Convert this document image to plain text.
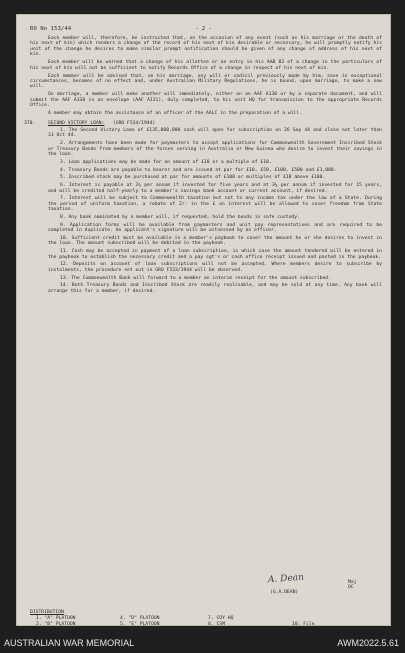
RO No 153/44	- 2 -

Each member will, therefore, be instructed that, on the occasion of any event (such as his marriage or the death of his next of kin) which renders a change of the record of his next of kin desirable or necessary, he will promptly notify his unit of the change he desires to make similar prompt notification should be given of any change of address of his next of kin.

Each member will be warned that a change of his allottee or an entry in his AAB 83 of a change in the particulars of his next of kin will not be sufficient to notify Records Office of a change in respect of his next of kin.

Each member will be advised that, on his marriage, any will or codicil previously made by him, save in exceptional circumstances, becomes of no effect and, under Australian Military Regulations, he is bound, upon marriage, to make a new will.

On marriage, a member will make another will immediately, either on an AAF A130 or by a separate document, and will submit the AAF A130 in an envelope (AAF A131), duly completed, to his unit HQ for transmission to the appropriate Records Office.

A member may obtain the assistance of an officer of the AALC in the preparation of a will.

370.	SECOND VICTORY LOAN: (GRO F534/1944)

1. The Second Victory Loan of £135,000,000 cash will open for subscription on 26 Sep 44 and close not later than 31 Oct 44.

2. Arrangements have been made for paymasters to accept applications for Commonwealth Government Inscribed Stock or Treasury Bonds from members of the forces serving in Australia or New Guinea who desire to invest their savings in the loan.

3. Loan applications may be made for an amount of £10 or a multiple of £10.

4. Treasury Bonds are payable to bearer and are issued at par for £10, £50, £100, £500 and £1,000.

5. Inscribed stock may be purchased at par for amounts of £100 or multiples of £10 above £100.

6. Interest is payable at 2¾ per annum if invested for five years and at 3¼ per annum if invested for 15 years, and will be credited half-yearly to a member's savings bank account or current account, if desired.

7. Interest will be subject to Commonwealth taxation but not to any income tax under the law of a State. During the period of uniform taxation, a rebate of 2/- in the £ on interest will be allowed to cover freedom from State taxation.

8. Any bank nominated by a member will, if requested, hold the bonds in safe custody.

9. Application forms will be available from paymasters and unit pay representatives and are required to be completed in duplicate. An applicant's signature will be witnessed by an officer.

10. Sufficient credit must be available in a member's paybook to cover the amount he or she desires to invest in the loan. The amount subscribed will be debited in the paybook.

11. Cash may be accepted in payment of a loan subscription, in which case the amount tendered will be entered in the paybook to establish the necessary credit and a pay sgt's or cash office receipt issued and pasted in the paybook.

12. Deposits on account of loan subscriptions will not be accepted. Where members desire to subscribe by instalments, the procedure set out in GRO F533/1944 will be observed.

13. The Commonwealth Bank will forward to a member an interim receipt for the amount subscribed.

14. Both Treasury Bonds and Inscribed Stock are readily realisable, and may be sold at any time. Any bank will arrange this for a member, if desired.

A. Dean	Maj
OC
(G.A.DEAN)
DISTRIBUTION
1. "A" PLATOON	4. "D" PLATOON	7. COY HQ
2. "B" PLATOON	5. "E" PLATOON	8. CSM	10. File
3. "C" PLATOON	6. WKSPS PLATOON	9. War Diary
AUSTRALIAN WAR MEMORIAL	AWM2022.5.61
